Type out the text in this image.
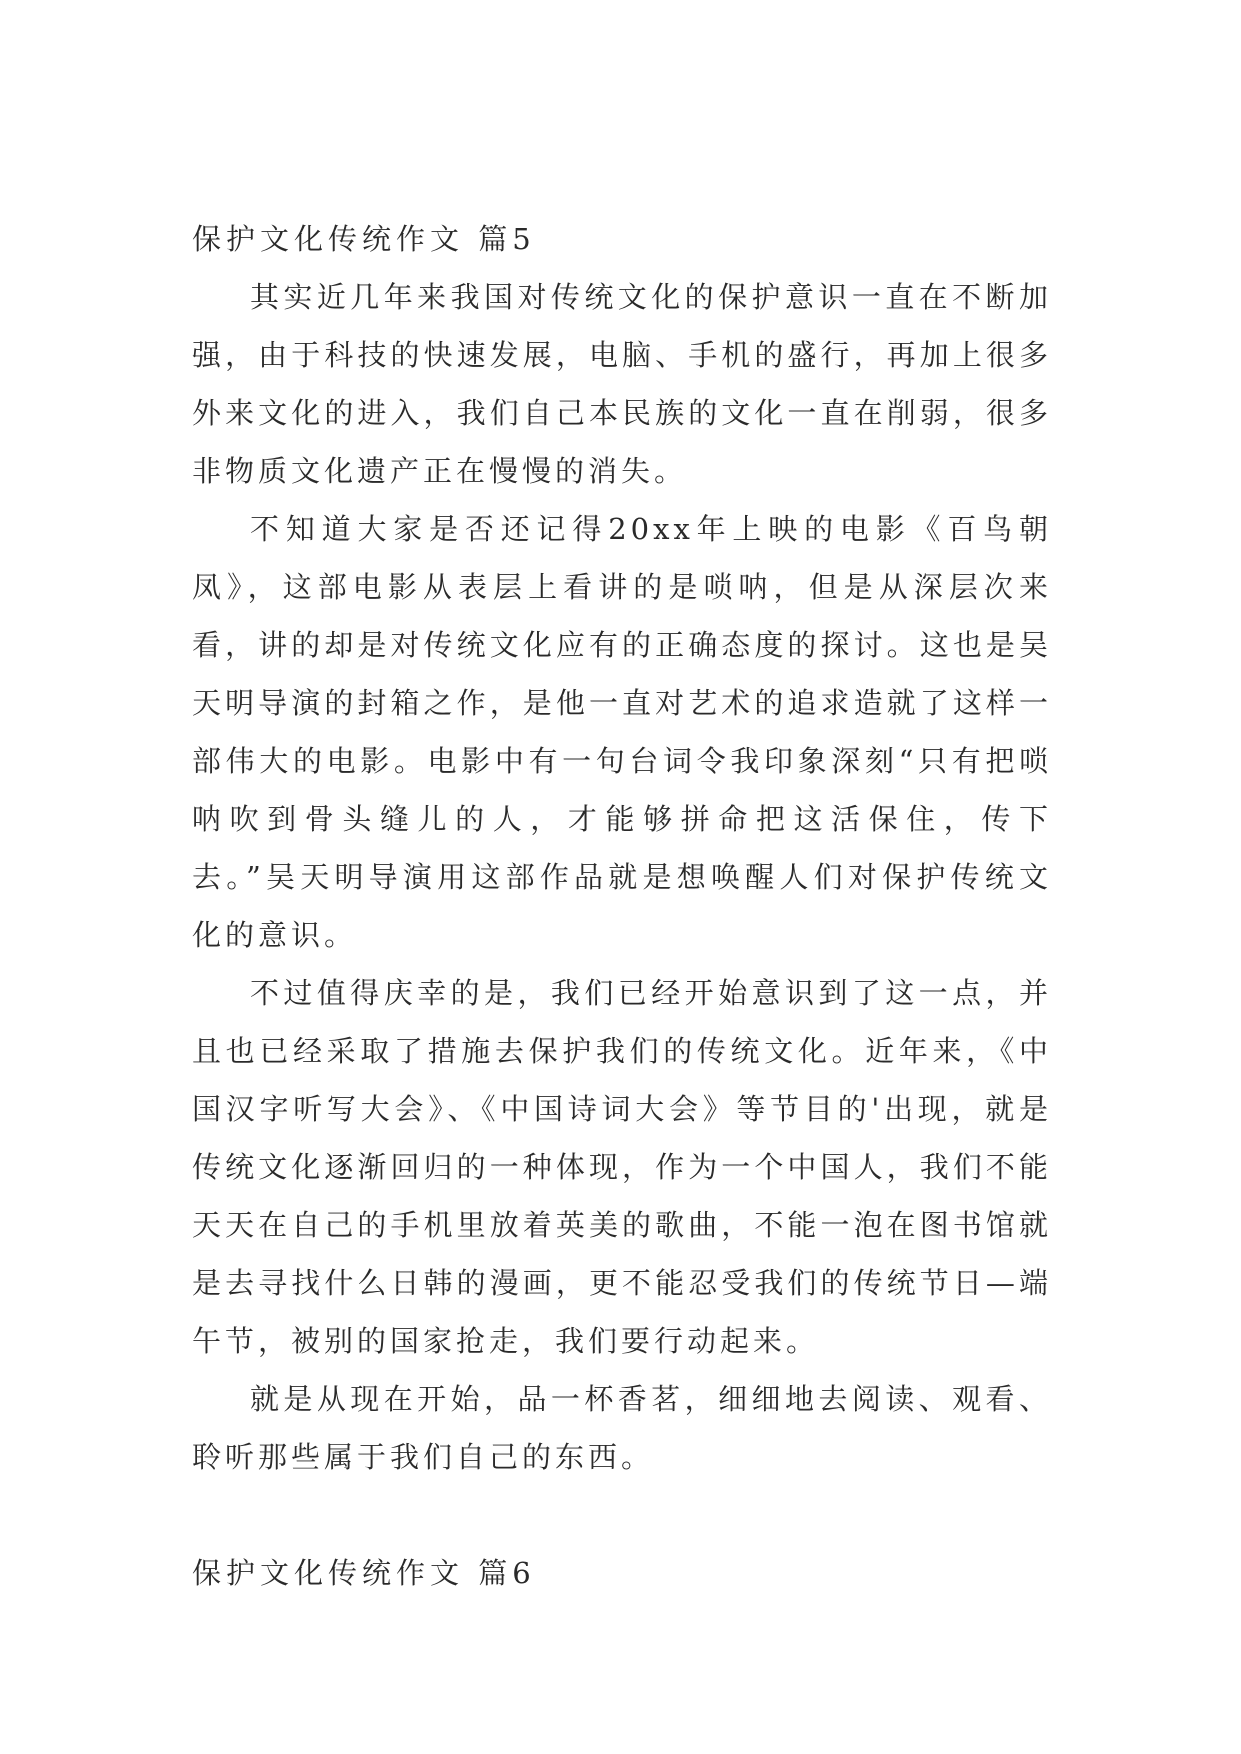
保护文化传统作文 篇5

其实近几年来我国对传统文化的保护意识一直在不断加强，由于科技的快速发展，电脑、手机的盛行，再加上很多外来文化的进入，我们自己本民族的文化一直在削弱，很多非物质文化遗产正在慢慢的消失。

不知道大家是否还记得20xx年上映的电影《百鸟朝凤》，这部电影从表层上看讲的是唢呐，但是从深层次来看，讲的却是对传统文化应有的正确态度的探讨。这也是吴天明导演的封箱之作，是他一直对艺术的追求造就了这样一部伟大的电影。电影中有一句台词令我印象深刻“只有把唢呐吹到骨头缝儿的人，才能够拼命把这活保住，传下去。”吴天明导演用这部作品就是想唤醒人们对保护传统文化的意识。

不过值得庆幸的是，我们已经开始意识到了这一点，并且也已经采取了措施去保护我们的传统文化。近年来，《中国汉字听写大会》、《中国诗词大会》等节目的'出现，就是传统文化逐渐回归的一种体现，作为一个中国人，我们不能天天在自己的手机里放着英美的歌曲，不能一泡在图书馆就是去寻找什么日韩的漫画，更不能忍受我们的传统节日—端午节，被别的国家抢走，我们要行动起来。

就是从现在开始，品一杯香茗，细细地去阅读、观看、聆听那些属于我们自己的东西。

保护文化传统作文 篇6
